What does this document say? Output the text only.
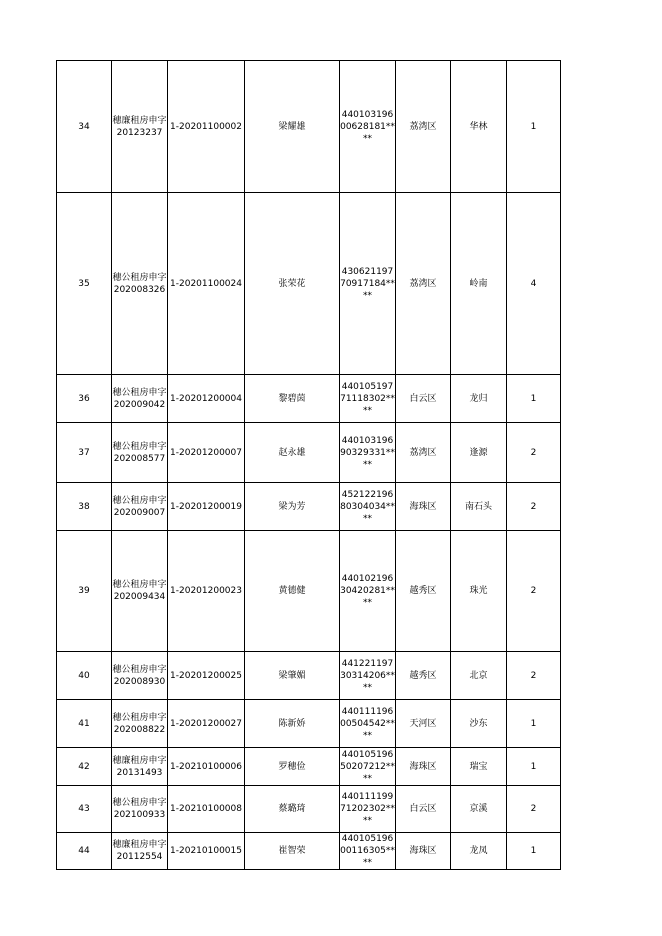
34	穗廉租房申字20123237	1-20201100002	梁耀雄	44010319600628181****	荔湾区	华林	1
35	穗公租房申字202008326	1-20201100024	张荣花	43062119770917184****	荔湾区	岭南	4
36	穗公租房申字202009042	1-20201200004	黎碧茵	44010519771118302****	白云区	龙归	1
37	穗公租房申字202008577	1-20201200007	赵永雄	44010319690329331****	荔湾区	逢源	2
38	穗公租房申字202009007	1-20201200019	梁为芳	45212219680304034****	海珠区	南石头	2
39	穗公租房申字202009434	1-20201200023	黄德健	44010219630420281****	越秀区	珠光	2
40	穗公租房申字202008930	1-20201200025	梁肇媚	44122119730314206****	越秀区	北京	2
41	穗公租房申字202008822	1-20201200027	陈新娇	44011119600504542****	天河区	沙东	1
42	穗廉租房申字20131493	1-20210100006	罗穗俭	44010519650207212****	海珠区	瑞宝	1
43	穗公租房申字202100933	1-20210100008	蔡璐琦	44011119971202302****	白云区	京溪	2
44	穗廉租房申字20112554	1-20210100015	崔智荣	44010519600116305****	海珠区	龙凤	1
